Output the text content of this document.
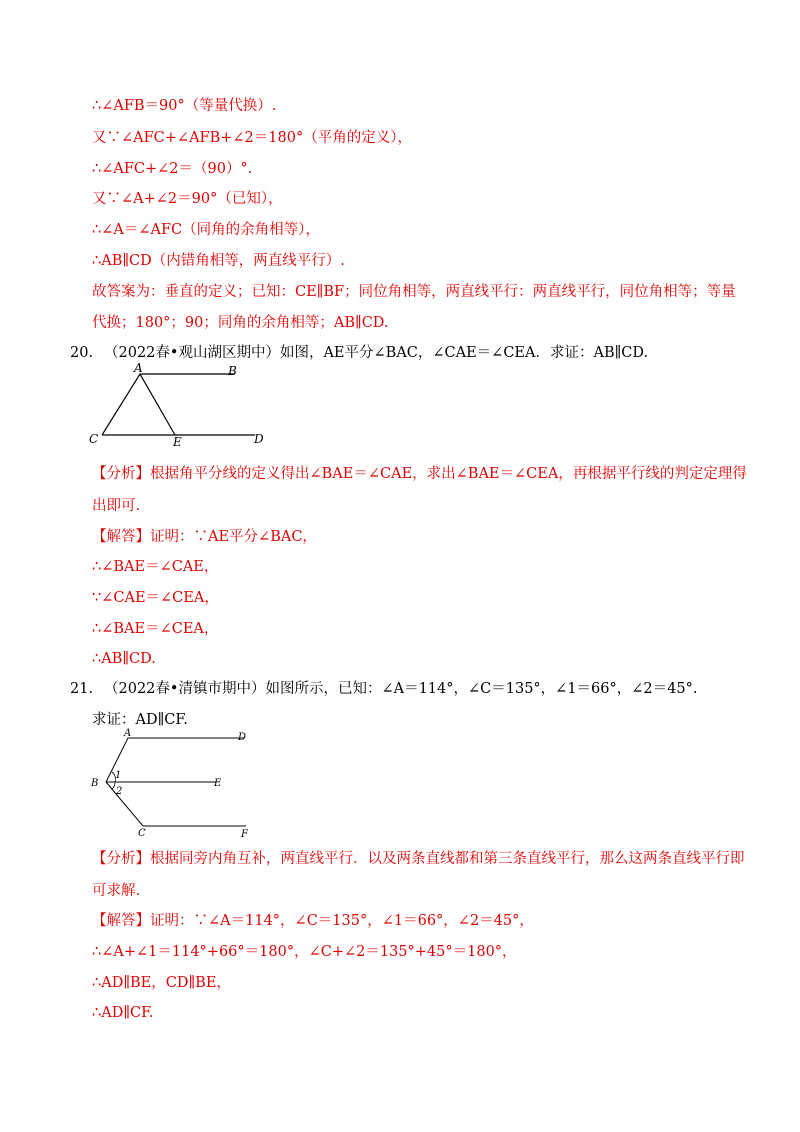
∴∠AFB＝90°（等量代换）.
又∵∠AFC+∠AFB+∠2＝180°（平角的定义），
∴∠AFC+∠2＝（90）°.
又∵∠A+∠2＝90°（已知），
∴∠A＝∠AFC（同角的余角相等），
∴AB∥CD（内错角相等，两直线平行）.
故答案为：垂直的定义；已知：CE∥BF；同位角相等，两直线平行：两直线平行，同位角相等；等量
代换；180°；90；同角的余角相等；AB∥CD.
20. （2022春•观山湖区期中）如图，AE平分∠BAC，∠CAE＝∠CEA．求证：AB∥CD.
A	B
C	E	D
【分析】根据角平分线的定义得出∠BAE＝∠CAE，求出∠BAE＝∠CEA，再根据平行线的判定定理得
出即可.
【解答】证明：∵AE平分∠BAC，
∴∠BAE＝∠CAE，
∵∠CAE＝∠CEA，
∴∠BAE＝∠CEA，
∴AB∥CD.
21. （2022春•清镇市期中）如图所示，已知：∠A＝114°，∠C＝135°，∠1＝66°，∠2＝45°.
求证：AD∥CF.
A	D
B	E
C	F
1
2
【分析】根据同旁内角互补，两直线平行．以及两条直线都和第三条直线平行，那么这两条直线平行即
可求解.
【解答】证明：∵∠A＝114°，∠C＝135°，∠1＝66°，∠2＝45°，
∴∠A+∠1＝114°+66°＝180°，∠C+∠2＝135°+45°＝180°，
∴AD∥BE，CD∥BE，
∴AD∥CF.
